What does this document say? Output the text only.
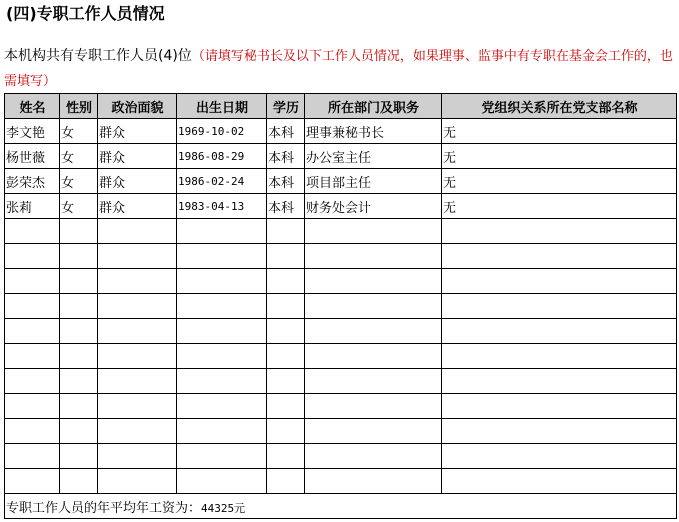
(四)专职工作人员情况
本机构共有专职工作人员(4)位（请填写秘书长及以下工作人员情况，如果理事、监事中有专职在基金会工作的，也需填写）
姓名	性别	政治面貌	出生日期	学历	所在部门及职务	党组织关系所在党支部名称
李文艳	女	群众	1969-10-02	本科	理事兼秘书长	无
杨世薇	女	群众	1986-08-29	本科	办公室主任	无
彭荣杰	女	群众	1986-02-24	本科	项目部主任	无
张莉	女	群众	1983-04-13	本科	财务处会计	无

专职工作人员的年平均年工资为：44325元						
